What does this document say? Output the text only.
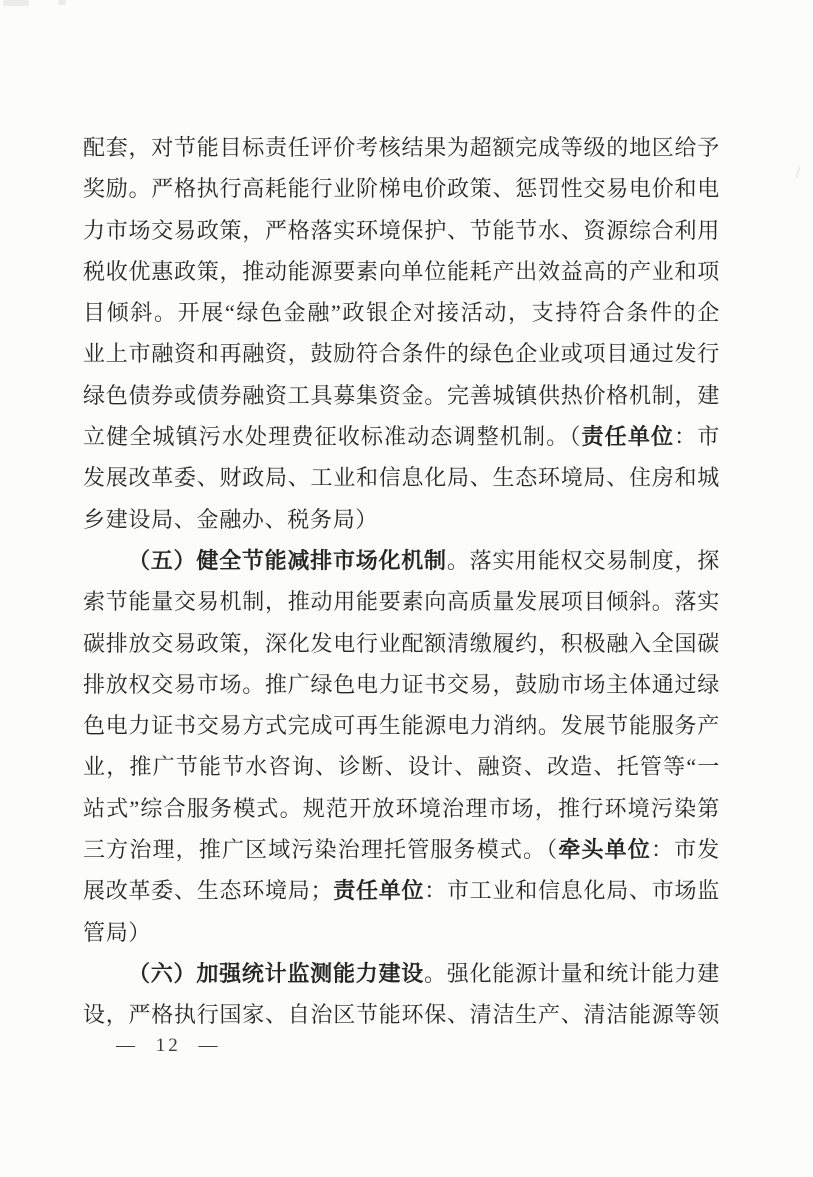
配套，对节能目标责任评价考核结果为超额完成等级的地区给予
奖励。严格执行高耗能行业阶梯电价政策、惩罚性交易电价和电
力市场交易政策，严格落实环境保护、节能节水、资源综合利用
税收优惠政策，推动能源要素向单位能耗产出效益高的产业和项
目倾斜。开展“绿色金融”政银企对接活动，支持符合条件的企
业上市融资和再融资，鼓励符合条件的绿色企业或项目通过发行
绿色债券或债券融资工具募集资金。完善城镇供热价格机制，建
立健全城镇污水处理费征收标准动态调整机制。（责任单位：市
发展改革委、财政局、工业和信息化局、生态环境局、住房和城
乡建设局、金融办、税务局）
（五）健全节能减排市场化机制。落实用能权交易制度，探
索节能量交易机制，推动用能要素向高质量发展项目倾斜。落实
碳排放交易政策，深化发电行业配额清缴履约，积极融入全国碳
排放权交易市场。推广绿色电力证书交易，鼓励市场主体通过绿
色电力证书交易方式完成可再生能源电力消纳。发展节能服务产
业，推广节能节水咨询、诊断、设计、融资、改造、托管等“一
站式”综合服务模式。规范开放环境治理市场，推行环境污染第
三方治理，推广区域污染治理托管服务模式。（牵头单位：市发
展改革委、生态环境局；责任单位：市工业和信息化局、市场监
管局）
（六）加强统计监测能力建设。强化能源计量和统计能力建
设，严格执行国家、自治区节能环保、清洁生产、清洁能源等领
— 12 —
